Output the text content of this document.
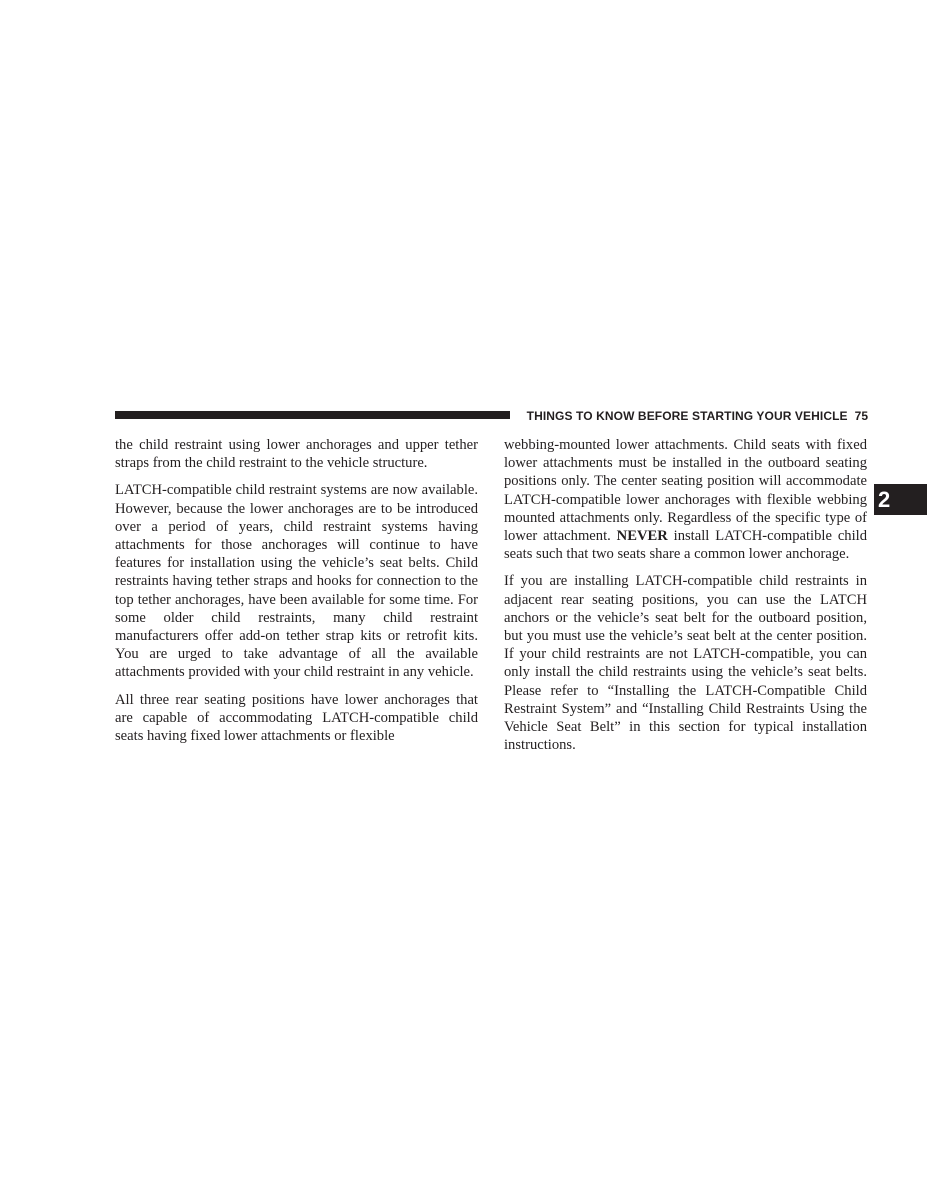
THINGS TO KNOW BEFORE STARTING YOUR VEHICLE 75
2

the child restraint using lower anchorages and upper tether straps from the child restraint to the vehicle structure.

LATCH-compatible child restraint systems are now available. However, because the lower anchorages are to be introduced over a period of years, child restraint systems having attachments for those anchorages will continue to have features for installation using the vehicle’s seat belts. Child restraints having tether straps and hooks for connection to the top tether anchorages, have been available for some time. For some older child restraints, many child restraint manufacturers offer add-on tether strap kits or retrofit kits. You are urged to take advantage of all the available attachments provided with your child restraint in any vehicle.

All three rear seating positions have lower anchorages that are capable of accommodating LATCH-compatible child seats having fixed lower attachments or flexible

webbing-mounted lower attachments. Child seats with fixed lower attachments must be installed in the outboard seating positions only. The center seating position will accommodate LATCH-compatible lower anchorages with flexible webbing mounted attachments only. Regardless of the specific type of lower attachment. NEVER install LATCH-compatible child seats such that two seats share a common lower anchorage.

If you are installing LATCH-compatible child restraints in adjacent rear seating positions, you can use the LATCH anchors or the vehicle’s seat belt for the outboard position, but you must use the vehicle’s seat belt at the center position. If your child restraints are not LATCH-compatible, you can only install the child restraints using the vehicle’s seat belts. Please refer to “Installing the LATCH-Compatible Child Restraint System” and “Installing Child Restraints Using the Vehicle Seat Belt” in this section for typical installation instructions.
